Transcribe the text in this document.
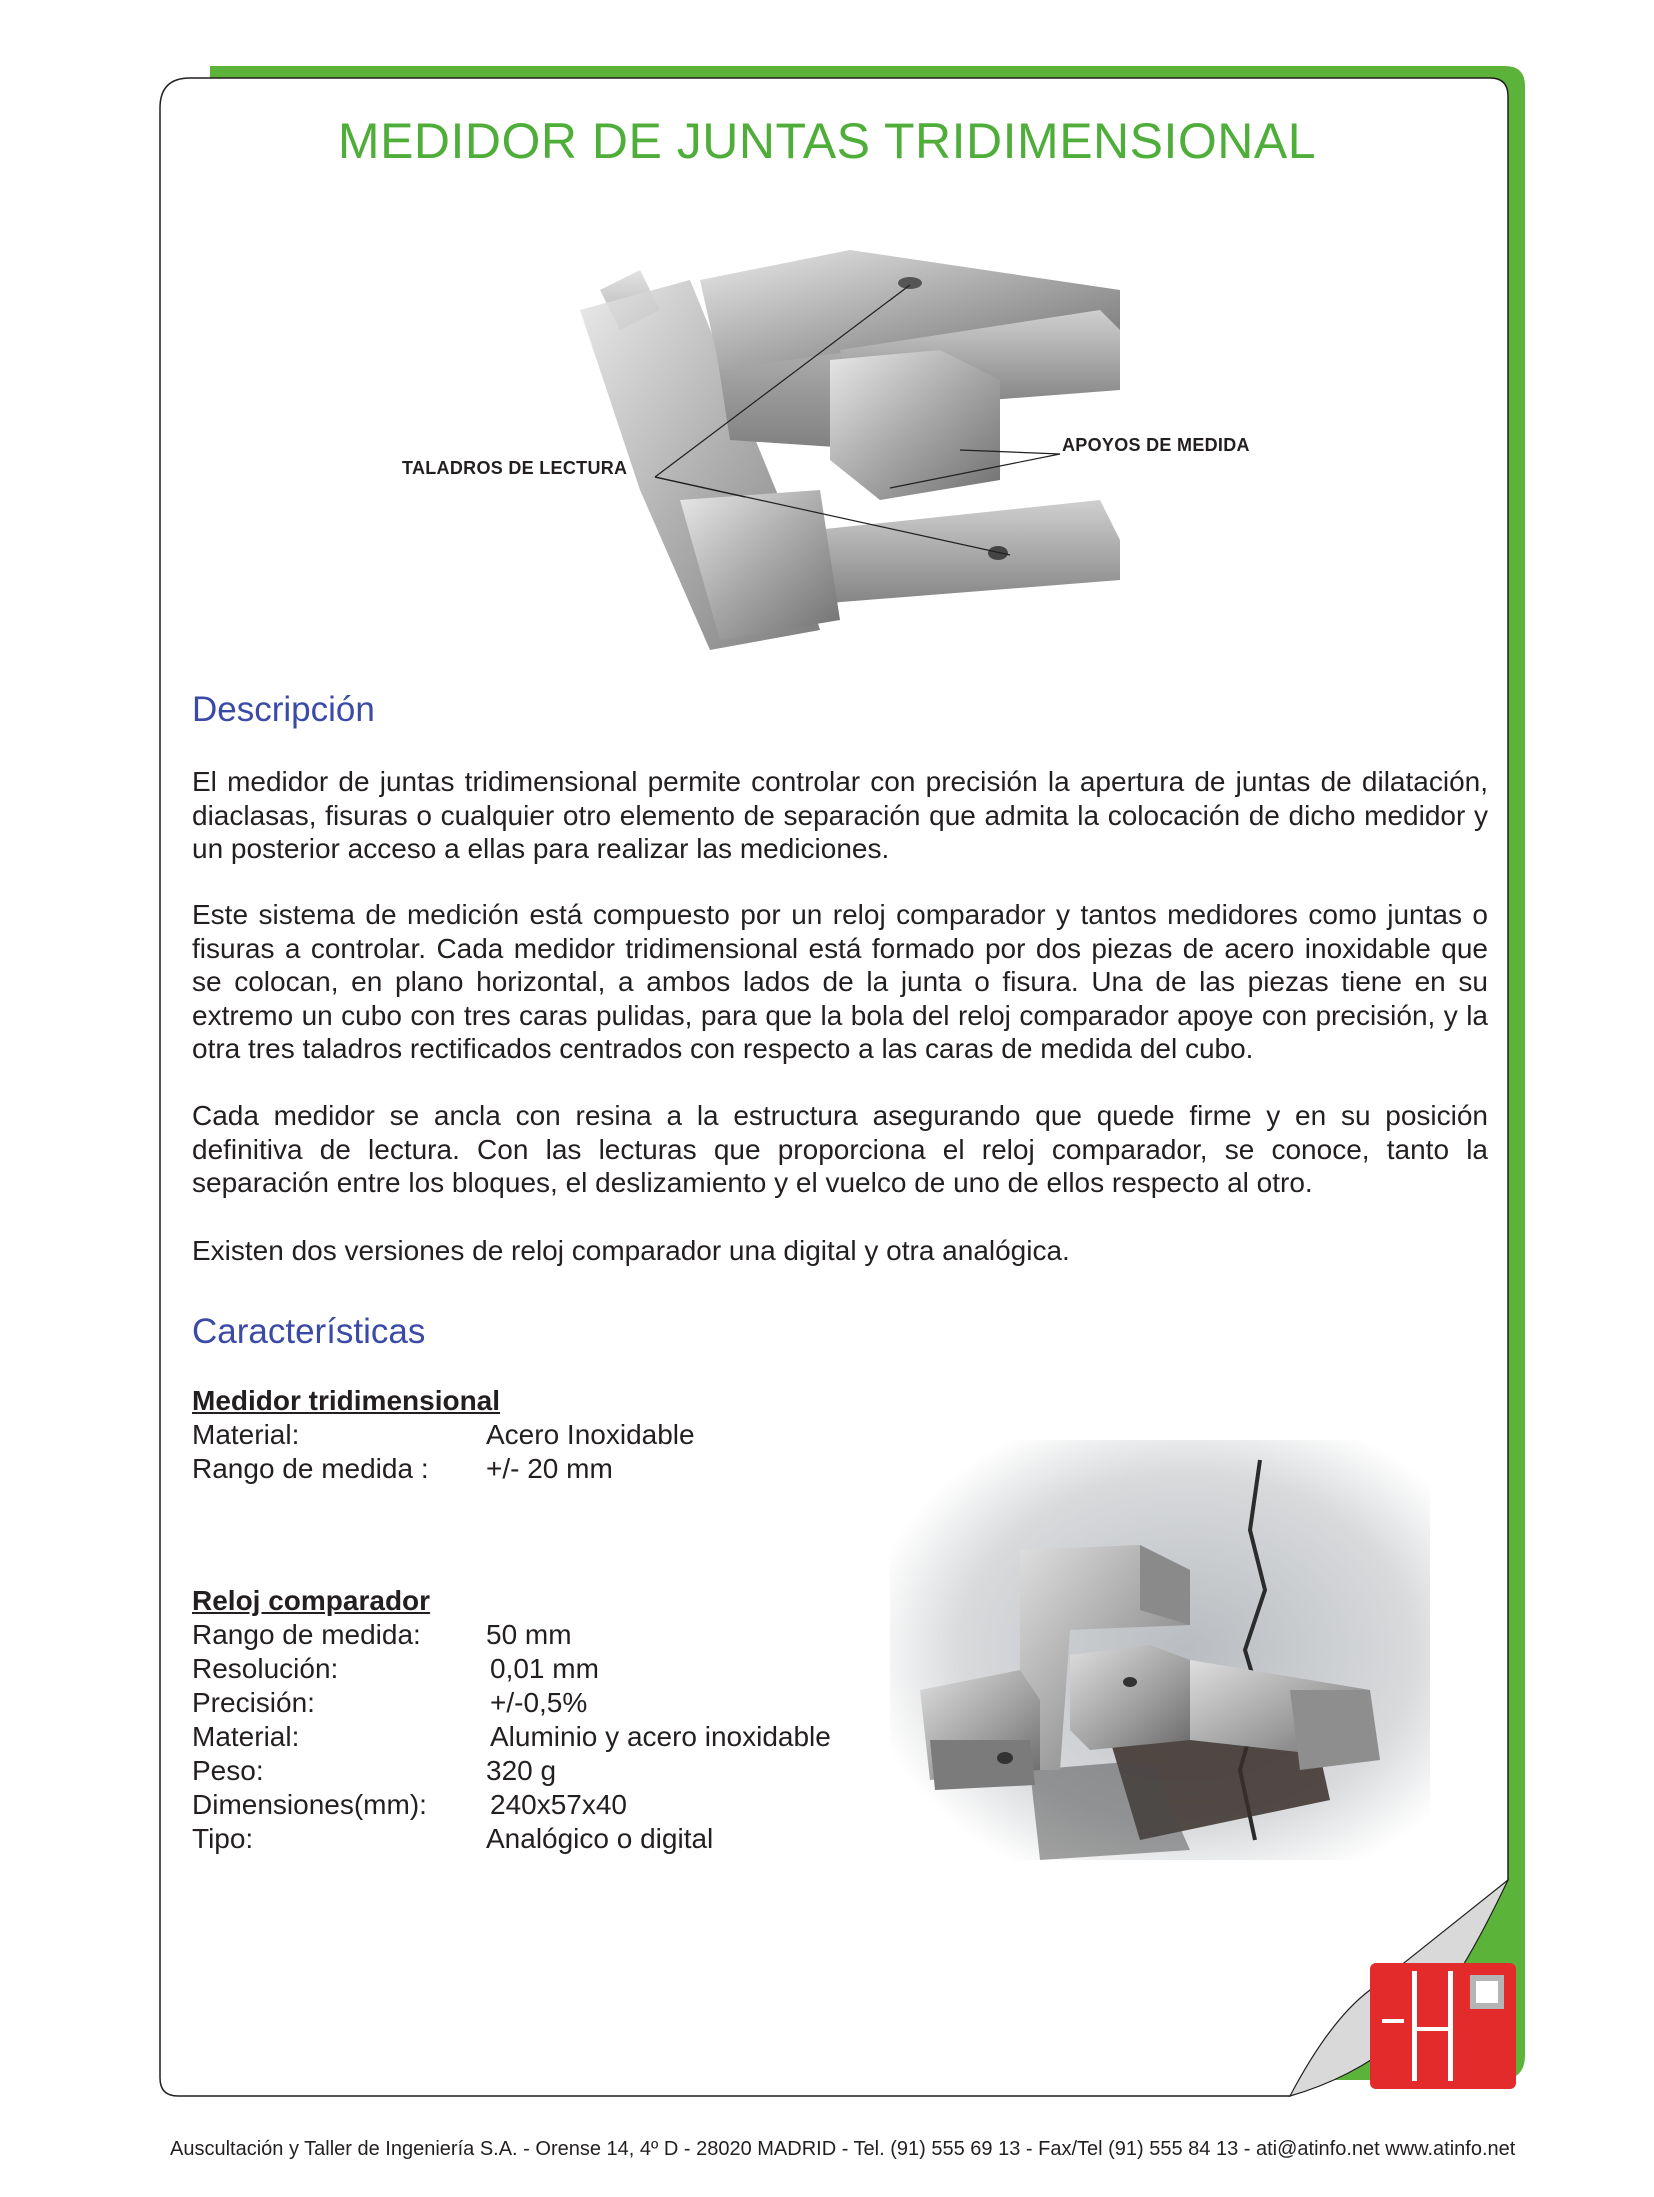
MEDIDOR DE JUNTAS TRIDIMENSIONAL
TALADROS DE LECTURA
APOYOS DE MEDIDA
Descripción

El medidor de juntas tridimensional permite controlar con precisión la apertura de juntas de dilatación, diaclasas, fisuras o cualquier otro elemento de separación que admita la colocación de dicho medidor y un posterior acceso a ellas para realizar las mediciones.

Este sistema de medición está compuesto por un reloj comparador y tantos medidores como juntas o fisuras a controlar. Cada medidor tridimensional está formado por dos piezas de acero inoxidable que se colocan, en plano horizontal, a ambos lados de la junta o fisura. Una de las piezas tiene en su extremo un cubo con tres caras pulidas, para que la bola del reloj comparador apoye con precisión, y la otra tres taladros rectificados centrados con respecto a las caras de medida del cubo.

Cada medidor se ancla con resina a la estructura asegurando que quede firme y en su posición definitiva de lectura. Con las lecturas que proporciona el reloj comparador, se conoce, tanto la separación entre los bloques, el deslizamiento y el vuelco de uno de ellos respecto al otro.

Existen dos versiones de reloj comparador una digital y otra analógica.

Características
Medidor tridimensional
Material:	Acero Inoxidable
Rango de medida : +/- 20 mm
Reloj comparador
Rango de medida: 50 mm
Resolución:	0,01 mm
Precisión:	+/-0,5%
Material:	Aluminio y acero inoxidable
Peso:	320 g
Dimensiones(mm): 240x57x40
Tipo:	Analógico o digital
Auscultación y Taller de Ingeniería S.A. - Orense 14, 4º D - 28020 MADRID - Tel. (91) 555 69 13 - Fax/Tel (91) 555 84 13 - ati@atinfo.net www.atinfo.net
